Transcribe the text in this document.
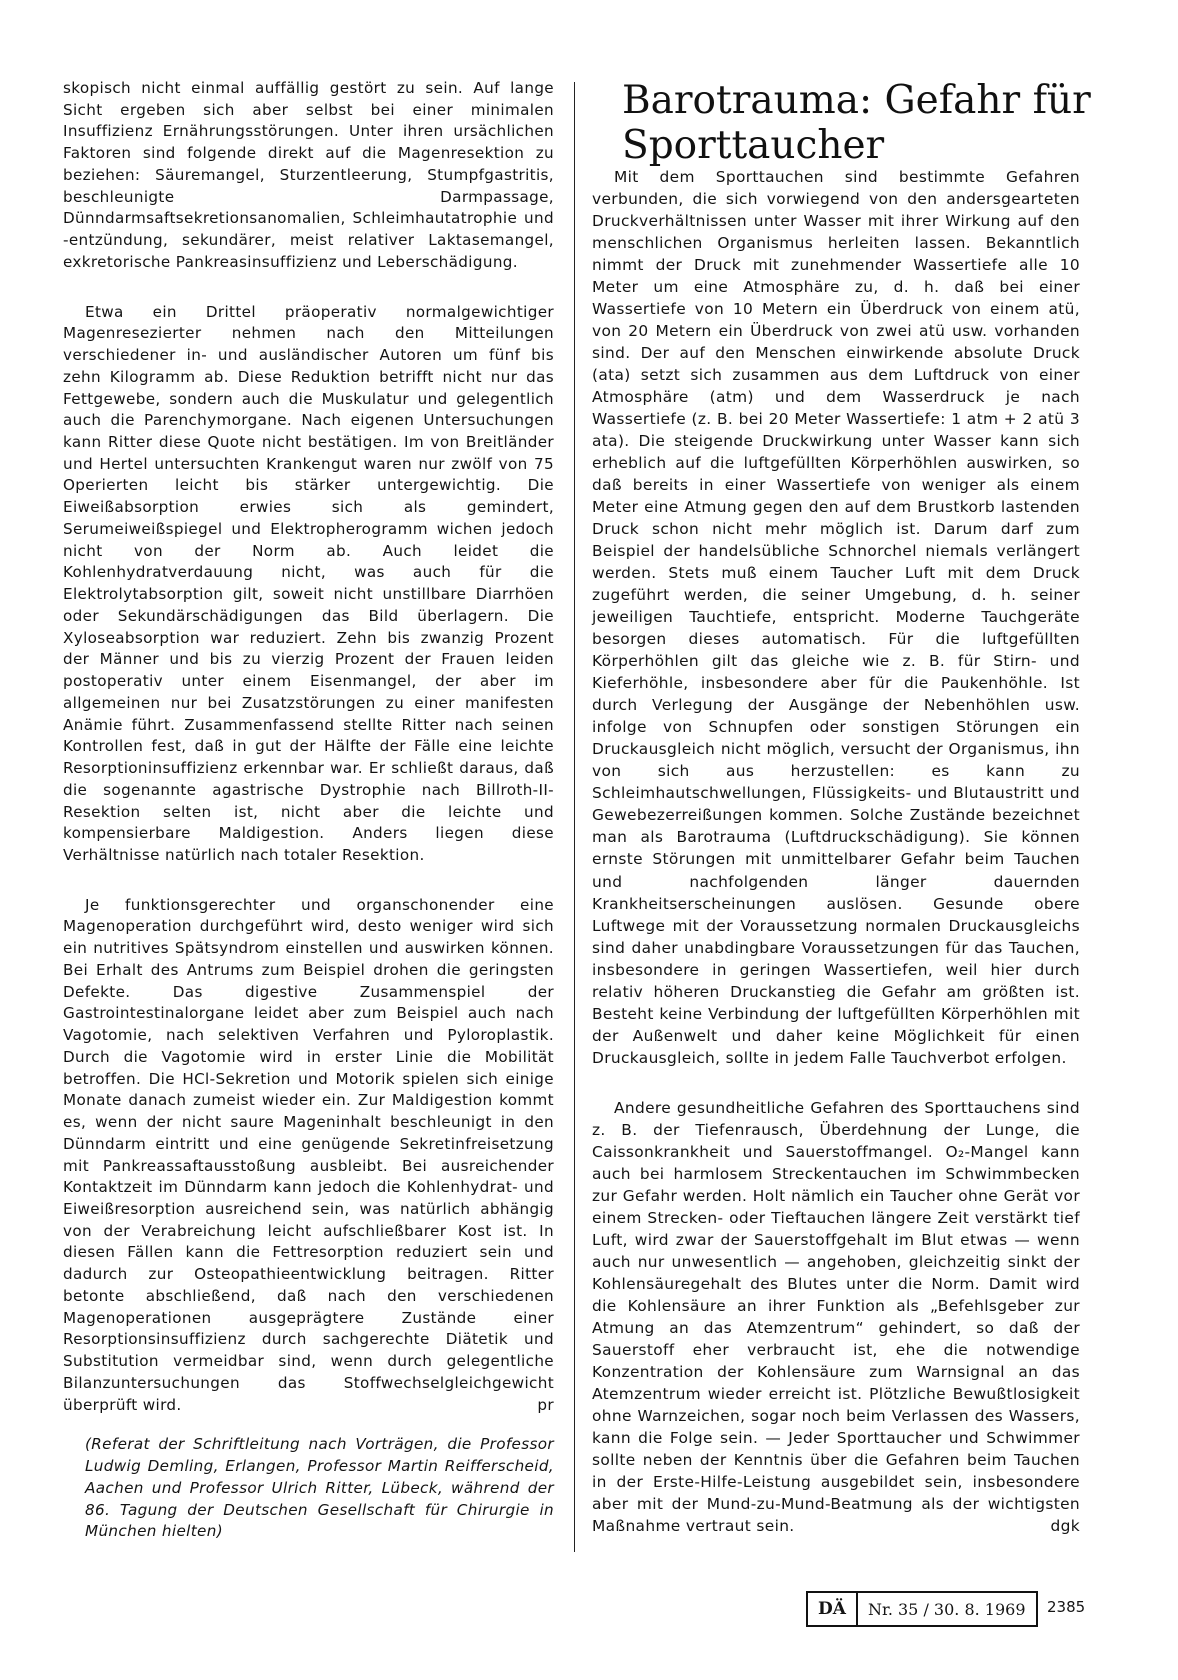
skopisch nicht einmal auffällig gestört zu sein. Auf lange Sicht ergeben sich aber selbst bei einer minimalen Insuffizienz Ernährungsstörungen. Unter ihren ursächlichen Faktoren sind folgende direkt auf die Magenresektion zu beziehen: Säuremangel, Sturzentleerung, Stumpfgastritis, beschleunigte Darmpassage, Dünndarmsaftsekretionsanomalien, Schleimhautatrophie und -entzündung, sekundärer, meist relativer Laktasemangel, exkretorische Pankreasinsuffizienz und Leberschädigung.

Etwa ein Drittel präoperativ normalgewichtiger Magenresezierter nehmen nach den Mitteilungen verschiedener in- und ausländischer Autoren um fünf bis zehn Kilogramm ab. Diese Reduktion betrifft nicht nur das Fettgewebe, sondern auch die Muskulatur und gelegentlich auch die Parenchymorgane. Nach eigenen Untersuchungen kann Ritter diese Quote nicht bestätigen. Im von Breitländer und Hertel untersuchten Krankengut waren nur zwölf von 75 Operierten leicht bis stärker untergewichtig. Die Eiweißabsorption erwies sich als gemindert, Serumeiweißspiegel und Elektropherogramm wichen jedoch nicht von der Norm ab. Auch leidet die Kohlenhydratverdauung nicht, was auch für die Elektrolytabsorption gilt, soweit nicht unstillbare Diarrhöen oder Sekundärschädigungen das Bild überlagern. Die Xyloseabsorption war reduziert. Zehn bis zwanzig Prozent der Männer und bis zu vierzig Prozent der Frauen leiden postoperativ unter einem Eisenmangel, der aber im allgemeinen nur bei Zusatzstörungen zu einer manifesten Anämie führt. Zusammenfassend stellte Ritter nach seinen Kontrollen fest, daß in gut der Hälfte der Fälle eine leichte Resorptioninsuffizienz erkennbar war. Er schließt daraus, daß die sogenannte agastrische Dystrophie nach Billroth-II-Resektion selten ist, nicht aber die leichte und kompensierbare Maldigestion. Anders liegen diese Verhältnisse natürlich nach totaler Resektion.

Je funktionsgerechter und organschonender eine Magenoperation durchgeführt wird, desto weniger wird sich ein nutritives Spätsyndrom einstellen und auswirken können. Bei Erhalt des Antrums zum Beispiel drohen die geringsten Defekte. Das digestive Zusammenspiel der Gastrointestinalorgane leidet aber zum Beispiel auch nach Vagotomie, nach selektiven Verfahren und Pyloroplastik. Durch die Vagotomie wird in erster Linie die Mobilität betroffen. Die HCl-Sekretion und Motorik spielen sich einige Monate danach zumeist wieder ein. Zur Maldigestion kommt es, wenn der nicht saure Mageninhalt beschleunigt in den Dünndarm eintritt und eine genügende Sekretinfreisetzung mit Pankreassaftausstoßung ausbleibt. Bei ausreichender Kontaktzeit im Dünndarm kann jedoch die Kohlenhydrat- und Eiweißresorption ausreichend sein, was natürlich abhängig von der Verabreichung leicht aufschließbarer Kost ist. In diesen Fällen kann die Fettresorption reduziert sein und dadurch zur Osteopathieentwicklung beitragen. Ritter betonte abschließend, daß nach den verschiedenen Magenoperationen ausgeprägtere Zustände einer Resorptionsinsuffizienz durch sachgerechte Diätetik und Substitution vermeidbar sind, wenn durch gelegentliche Bilanzuntersuchungen das Stoffwechselgleichgewicht überprüft wird.	pr

(Referat der Schriftleitung nach Vorträgen, die Professor Ludwig Demling, Erlangen, Professor Martin Reifferscheid, Aachen und Professor Ulrich Ritter, Lübeck, während der 86. Tagung der Deutschen Gesellschaft für Chirurgie in München hielten)

Barotrauma: Gefahr für Sporttaucher

Mit dem Sporttauchen sind bestimmte Gefahren verbunden, die sich vorwiegend von den andersgearteten Druckverhältnissen unter Wasser mit ihrer Wirkung auf den menschlichen Organismus herleiten lassen. Bekanntlich nimmt der Druck mit zunehmender Wassertiefe alle 10 Meter um eine Atmosphäre zu, d. h. daß bei einer Wassertiefe von 10 Metern ein Überdruck von einem atü, von 20 Metern ein Überdruck von zwei atü usw. vorhanden sind. Der auf den Menschen einwirkende absolute Druck (ata) setzt sich zusammen aus dem Luftdruck von einer Atmosphäre (atm) und dem Wasserdruck je nach Wassertiefe (z. B. bei 20 Meter Wassertiefe: 1 atm + 2 atü 3 ata). Die steigende Druckwirkung unter Wasser kann sich erheblich auf die luftgefüllten Körperhöhlen auswirken, so daß bereits in einer Wassertiefe von weniger als einem Meter eine Atmung gegen den auf dem Brustkorb lastenden Druck schon nicht mehr möglich ist. Darum darf zum Beispiel der handelsübliche Schnorchel niemals verlängert werden. Stets muß einem Taucher Luft mit dem Druck zugeführt werden, die seiner Umgebung, d. h. seiner jeweiligen Tauchtiefe, entspricht. Moderne Tauchgeräte besorgen dieses automatisch. Für die luftgefüllten Körperhöhlen gilt das gleiche wie z. B. für Stirn- und Kieferhöhle, insbesondere aber für die Paukenhöhle. Ist durch Verlegung der Ausgänge der Nebenhöhlen usw. infolge von Schnupfen oder sonstigen Störungen ein Druckausgleich nicht möglich, versucht der Organismus, ihn von sich aus herzustellen: es kann zu Schleimhautschwellungen, Flüssigkeits- und Blutaustritt und Gewebezerreißungen kommen. Solche Zustände bezeichnet man als Barotrauma (Luftdruckschädigung). Sie können ernste Störungen mit unmittelbarer Gefahr beim Tauchen und nachfolgenden länger dauernden Krankheitserscheinungen auslösen. Gesunde obere Luftwege mit der Voraussetzung normalen Druckausgleichs sind daher unabdingbare Voraussetzungen für das Tauchen, insbesondere in geringen Wassertiefen, weil hier durch relativ höheren Druckanstieg die Gefahr am größten ist. Besteht keine Verbindung der luftgefüllten Körperhöhlen mit der Außenwelt und daher keine Möglichkeit für einen Druckausgleich, sollte in jedem Falle Tauchverbot erfolgen.

Andere gesundheitliche Gefahren des Sporttauchens sind z. B. der Tiefenrausch, Überdehnung der Lunge, die Caissonkrankheit und Sauerstoffmangel. O₂-Mangel kann auch bei harmlosem Streckentauchen im Schwimmbecken zur Gefahr werden. Holt nämlich ein Taucher ohne Gerät vor einem Strecken- oder Tieftauchen längere Zeit verstärkt tief Luft, wird zwar der Sauerstoffgehalt im Blut etwas — wenn auch nur unwesentlich — angehoben, gleichzeitig sinkt der Kohlensäuregehalt des Blutes unter die Norm. Damit wird die Kohlensäure an ihrer Funktion als „Befehlsgeber zur Atmung an das Atemzentrum“ gehindert, so daß der Sauerstoff eher verbraucht ist, ehe die notwendige Konzentration der Kohlensäure zum Warnsignal an das Atemzentrum wieder erreicht ist. Plötzliche Bewußtlosigkeit ohne Warnzeichen, sogar noch beim Verlassen des Wassers, kann die Folge sein. — Jeder Sporttaucher und Schwimmer sollte neben der Kenntnis über die Gefahren beim Tauchen in der Erste-Hilfe-Leistung ausgebildet sein, insbesondere aber mit der Mund-zu-Mund-Beatmung als der wichtigsten Maßnahme vertraut sein.	dgk

DÄ	Nr. 35 / 30. 8. 1969	2385
